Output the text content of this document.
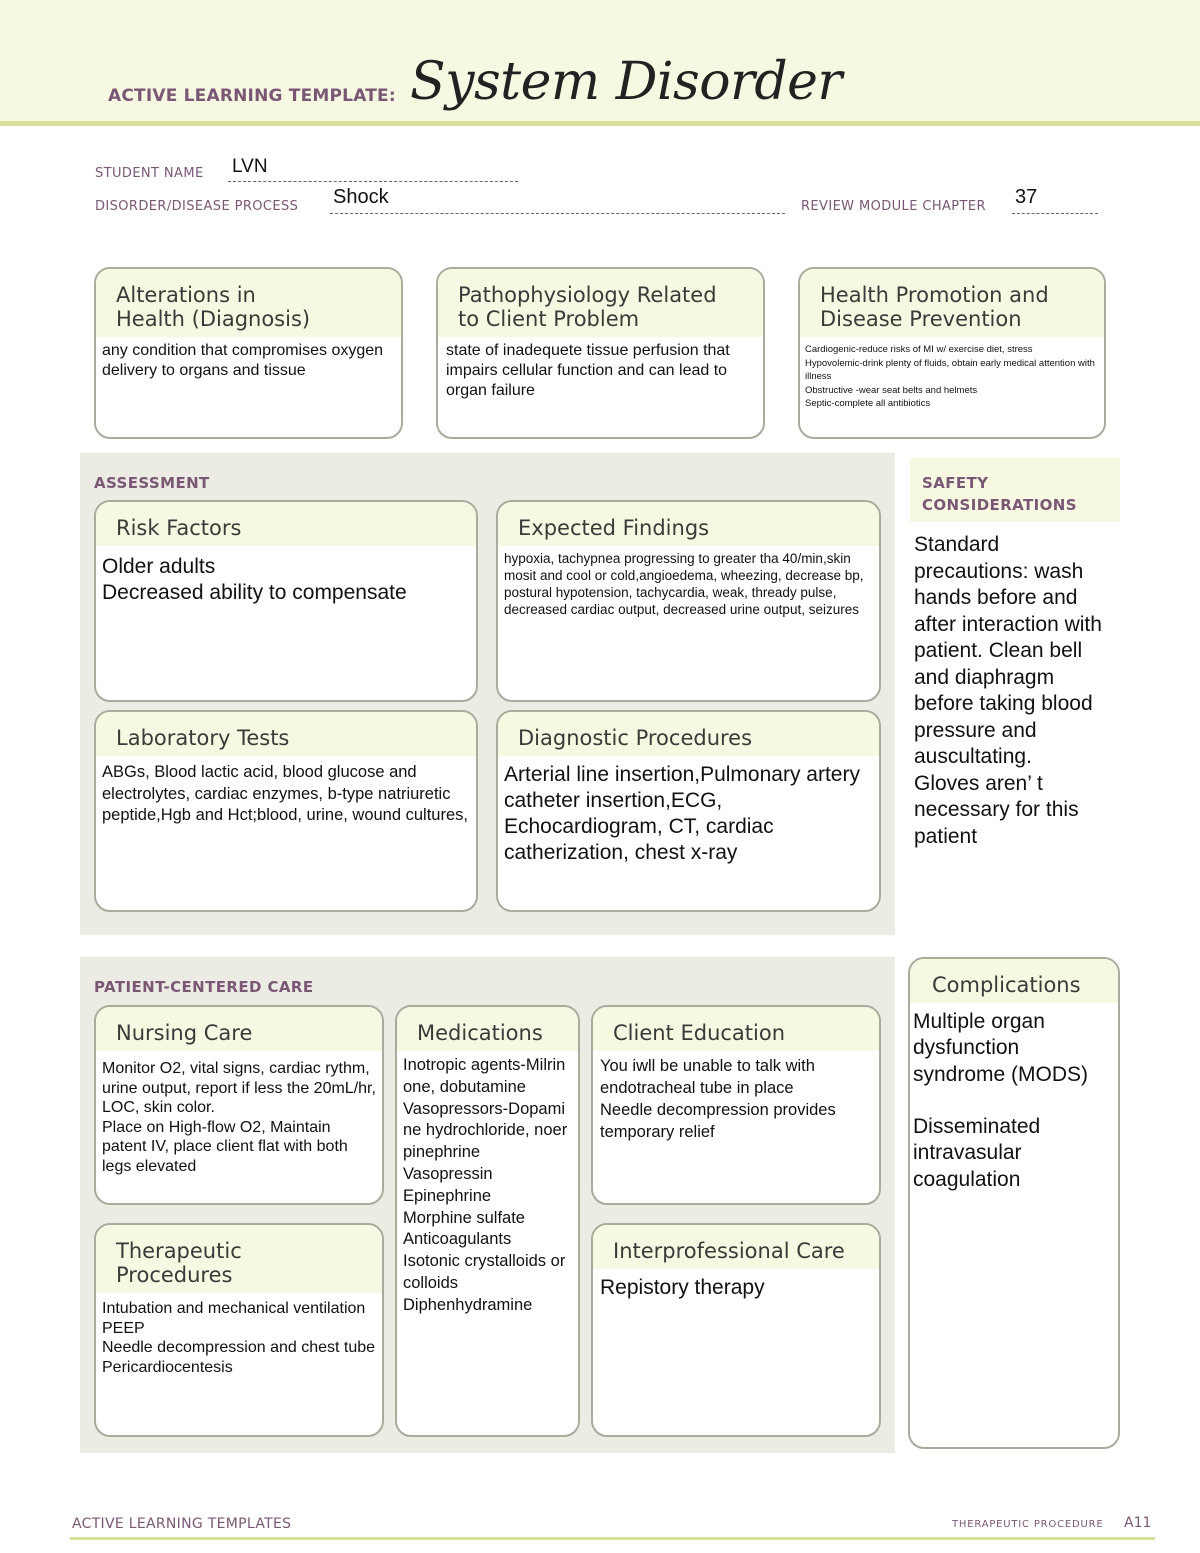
ACTIVE LEARNING TEMPLATE: System Disorder
STUDENT NAME LVN
DISORDER/DISEASE PROCESS Shock	REVIEW MODULE CHAPTER 37
Alterations in
Health (Diagnosis)
any condition that compromises oxygen delivery to organs and tissue
Pathophysiology Related
to Client Problem
state of inadequete tissue perfusion that impairs cellular function and can lead to organ failure
Health Promotion and
Disease Prevention
Cardiogenic-reduce risks of MI w/ exercise diet, stress
Hypovolemic-drink plenty of fluids, obtain early medical attention with illness
Obstructive -wear seat belts and helmets
Septic-complete all antibiotics
ASSESSMENT
Risk Factors
Older adults
Decreased ability to compensate
Expected Findings
hypoxia, tachypnea progressing to greater tha 40/min,skin mosit and cool or cold,angioedema, wheezing, decrease bp, postural hypotension, tachycardia, weak, thready pulse, decreased cardiac output, decreased urine output, seizures
Laboratory Tests
ABGs, Blood lactic acid, blood glucose and electrolytes, cardiac enzymes, b-type natriuretic peptide,Hgb and Hct;blood, urine, wound cultures,
Diagnostic Procedures
Arterial line insertion,Pulmonary artery catheter insertion,ECG, Echocardiogram, CT, cardiac catherization, chest x-ray
SAFETY
CONSIDERATIONS
Standard precautions: wash hands before and after interaction with patient. Clean bell and diaphragm before taking blood pressure and auscultating.
Gloves aren’ t necessary for this patient
PATIENT-CENTERED CARE
Nursing Care
Monitor O2, vital signs, cardiac rythm, urine output, report if less the 20mL/hr, LOC, skin color.
Place on High-flow O2, Maintain patent IV, place client flat with both legs elevated
Medications
Inotropic agents-Milrinone, dobutamine
Vasopressors-Dopamine hydrochloride, noerpinephrine
Vasopressin
Epinephrine
Morphine sulfate
Anticoagulants
Isotonic crystalloids or colloids
Diphenhydramine
Client Education
You iwll be unable to talk with endotracheal tube in place
Needle decompression provides temporary relief
Therapeutic Procedures
Intubation and mechanical ventilation
PEEP
Needle decompression and chest tube
Pericardiocentesis
Interprofessional Care
Repistory therapy
Complications
Multiple organ dysfunction syndrome (MODS)

Disseminated intravasular coagulation
ACTIVE LEARNING TEMPLATES	THERAPEUTIC PROCEDURE A11
